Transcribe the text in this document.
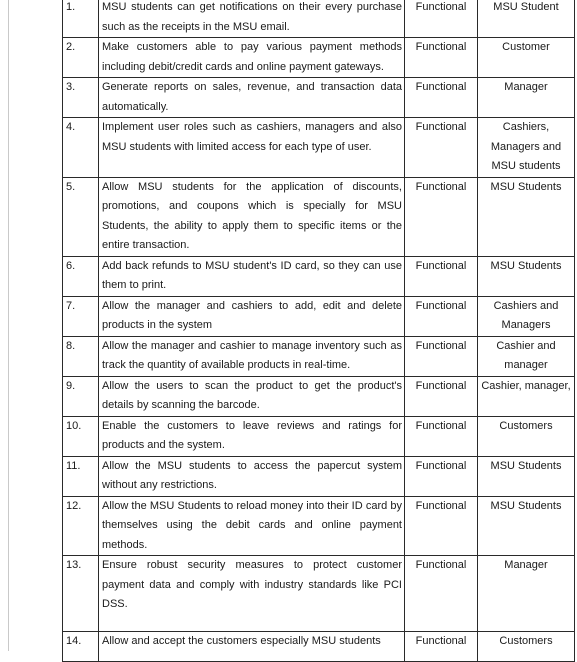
1.	MSU students can get notifications on their every purchase such as the receipts in the MSU email.	Functional	MSU Student
2.	Make customers able to pay various payment methods including debit/credit cards and online payment gateways.	Functional	Customer
3.	Generate reports on sales, revenue, and transaction data automatically.	Functional	Manager
4.	Implement user roles such as cashiers, managers and also MSU students with limited access for each type of user.	Functional	Cashiers, Managers and MSU students
5.	Allow MSU students for the application of discounts, promotions, and coupons which is specially for MSU Students, the ability to apply them to specific items or the entire transaction.	Functional	MSU Students
6.	Add back refunds to MSU student's ID card, so they can use them to print.	Functional	MSU Students
7.	Allow the manager and cashiers to add, edit and delete products in the system	Functional	Cashiers and Managers
8.	Allow the manager and cashier to manage inventory such as track the quantity of available products in real-time.	Functional	Cashier and manager
9.	Allow the users to scan the product to get the product's details by scanning the barcode.	Functional	Cashier, manager,
10.	Enable the customers to leave reviews and ratings for products and the system.	Functional	Customers
11.	Allow the MSU students to access the papercut system without any restrictions.	Functional	MSU Students
12.	Allow the MSU Students to reload money into their ID card by themselves using the debit cards and online payment methods.	Functional	MSU Students
13.	Ensure robust security measures to protect customer payment data and comply with industry standards like PCI DSS.	Functional	Manager
14.	Allow and accept the customers especially MSU students	Functional	Customers
